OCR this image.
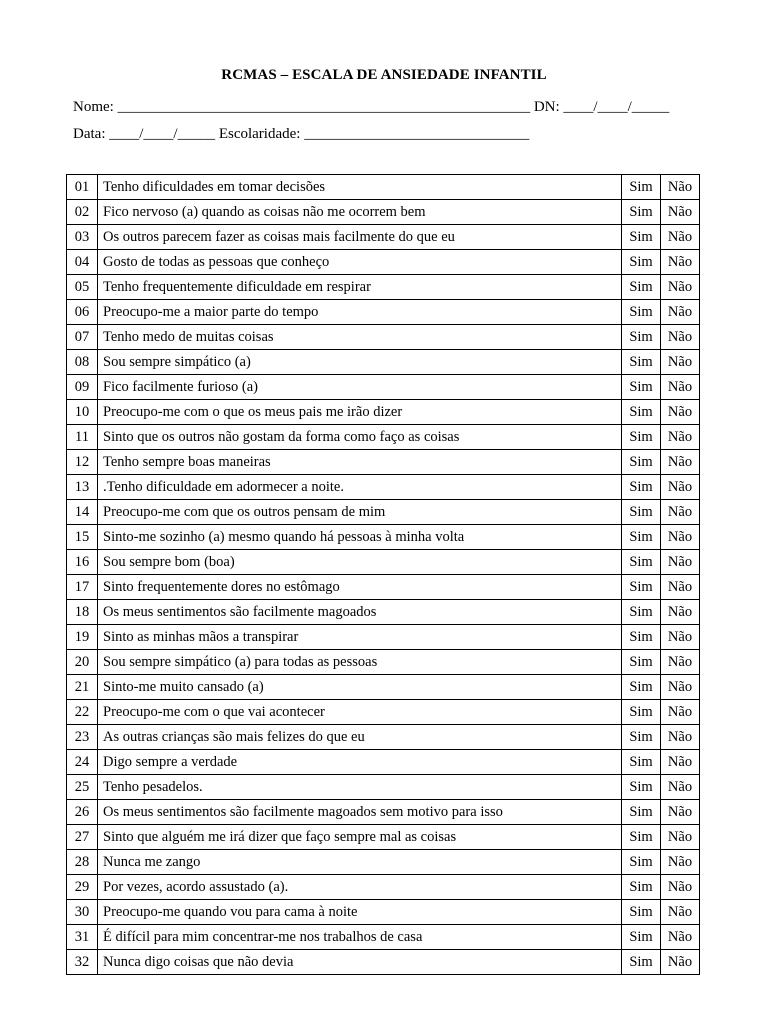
RCMAS – ESCALA DE ANSIEDADE INFANTIL
Nome: _______________________________________________________ DN: ____/____/_____
Data: ____/____/_____ Escolaridade: ______________________________
01	Tenho dificuldades em tomar decisões	Sim	Não
02	Fico nervoso (a) quando as coisas não me ocorrem bem	Sim	Não
03	Os outros parecem fazer as coisas mais facilmente do que eu	Sim	Não
04	Gosto de todas as pessoas que conheço	Sim	Não
05	Tenho frequentemente dificuldade em respirar	Sim	Não
06	Preocupo-me a maior parte do tempo	Sim	Não
07	Tenho medo de muitas coisas	Sim	Não
08	Sou sempre simpático (a)	Sim	Não
09	Fico facilmente furioso (a)	Sim	Não
10	Preocupo-me com o que os meus pais me irão dizer	Sim	Não
11	Sinto que os outros não gostam da forma como faço as coisas	Sim	Não
12	Tenho sempre boas maneiras	Sim	Não
13	.Tenho dificuldade em adormecer a noite.	Sim	Não
14	Preocupo-me com que os outros pensam de mim	Sim	Não
15	Sinto-me sozinho (a) mesmo quando há pessoas à minha volta	Sim	Não
16	Sou sempre bom (boa)	Sim	Não
17	Sinto frequentemente dores no estômago	Sim	Não
18	Os meus sentimentos são facilmente magoados	Sim	Não
19	Sinto as minhas mãos a transpirar	Sim	Não
20	Sou sempre simpático (a) para todas as pessoas	Sim	Não
21	Sinto-me muito cansado (a)	Sim	Não
22	Preocupo-me com o que vai acontecer	Sim	Não
23	As outras crianças são mais felizes do que eu	Sim	Não
24	Digo sempre a verdade	Sim	Não
25	Tenho pesadelos.	Sim	Não
26	Os meus sentimentos são facilmente magoados sem motivo para isso	Sim	Não
27	Sinto que alguém me irá dizer que faço sempre mal as coisas	Sim	Não
28	Nunca me zango	Sim	Não
29	Por vezes, acordo assustado (a).	Sim	Não
30	Preocupo-me quando vou para cama à noite	Sim	Não
31	É difícil para mim concentrar-me nos trabalhos de casa	Sim	Não
32	Nunca digo coisas que não devia	Sim	Não
